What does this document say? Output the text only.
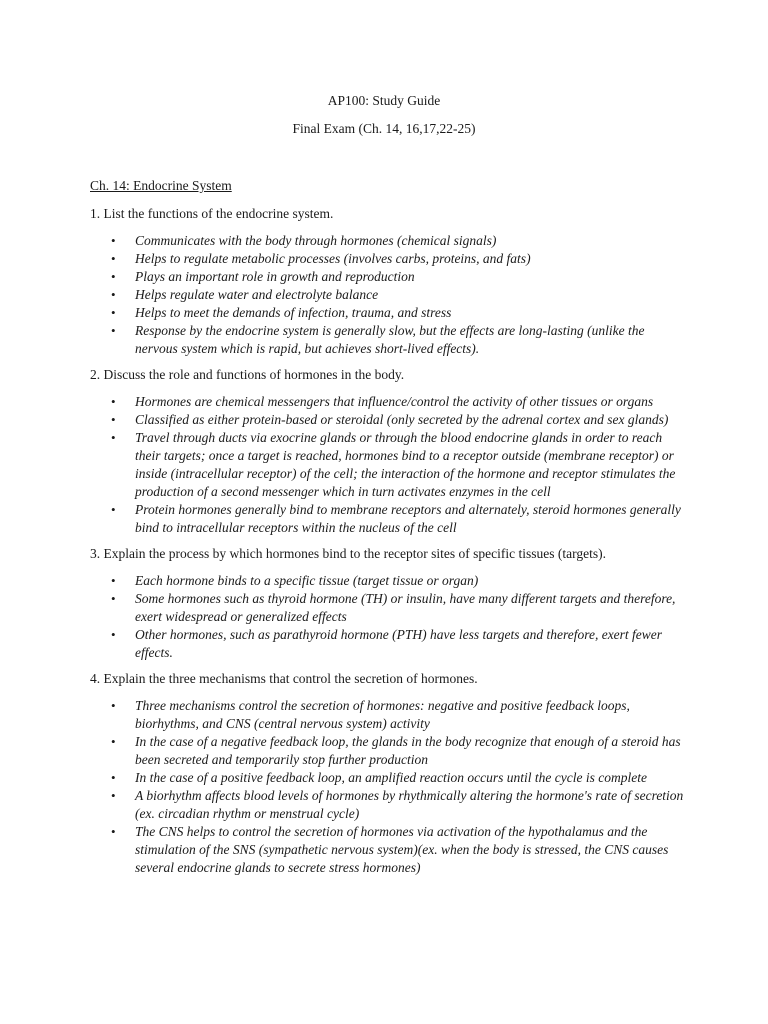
AP100: Study Guide
Final Exam (Ch. 14, 16,17,22-25)
Ch. 14: Endocrine System

1. List the functions of the endocrine system.

• Communicates with the body through hormones (chemical signals)
• Helps to regulate metabolic processes (involves carbs, proteins, and fats)
• Plays an important role in growth and reproduction
• Helps regulate water and electrolyte balance
• Helps to meet the demands of infection, trauma, and stress
• Response by the endocrine system is generally slow, but the effects are long-lasting (unlike the nervous system which is rapid, but achieves short-lived effects).

2. Discuss the role and functions of hormones in the body.

• Hormones are chemical messengers that influence/control the activity of other tissues or organs
• Classified as either protein-based or steroidal (only secreted by the adrenal cortex and sex glands)
• Travel through ducts via exocrine glands or through the blood endocrine glands in order to reach their targets; once a target is reached, hormones bind to a receptor outside (membrane receptor) or inside (intracellular receptor) of the cell; the interaction of the hormone and receptor stimulates the production of a second messenger which in turn activates enzymes in the cell
• Protein hormones generally bind to membrane receptors and alternately, steroid hormones generally bind to intracellular receptors within the nucleus of the cell

3. Explain the process by which hormones bind to the receptor sites of specific tissues (targets).

• Each hormone binds to a specific tissue (target tissue or organ)
• Some hormones such as thyroid hormone (TH) or insulin, have many different targets and therefore, exert widespread or generalized effects
• Other hormones, such as parathyroid hormone (PTH) have less targets and therefore, exert fewer effects.

4. Explain the three mechanisms that control the secretion of hormones.

• Three mechanisms control the secretion of hormones: negative and positive feedback loops, biorhythms, and CNS (central nervous system) activity
• In the case of a negative feedback loop, the glands in the body recognize that enough of a steroid has been secreted and temporarily stop further production
• In the case of a positive feedback loop, an amplified reaction occurs until the cycle is complete
• A biorhythm affects blood levels of hormones by rhythmically altering the hormone's rate of secretion (ex. circadian rhythm or menstrual cycle)
• The CNS helps to control the secretion of hormones via activation of the hypothalamus and the stimulation of the SNS (sympathetic nervous system)(ex. when the body is stressed, the CNS causes several endocrine glands to secrete stress hormones)
